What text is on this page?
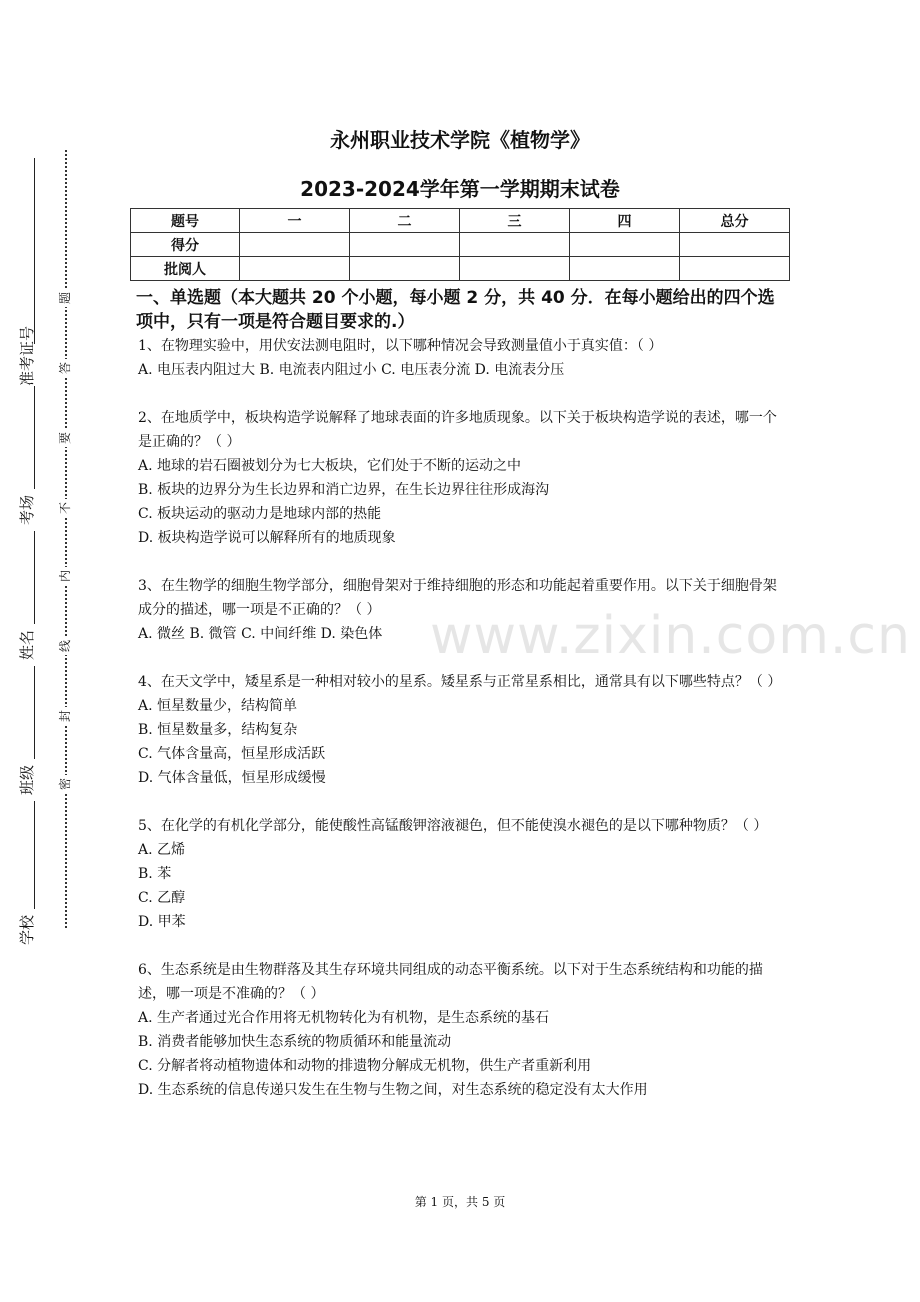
准考证号
考场
姓名
班级
学校
题
答
要
不
内
线
封
密
永州职业技术学院《植物学》
2023-2024学年第一学期期末试卷
题号	一	二	三	四	总分
得分					
批阅人					
一、单选题（本大题共 20 个小题，每小题 2 分，共 40 分．在每小题给出的四个选项中，只有一项是符合题目要求的.）

1、在物理实验中，用伏安法测电阻时，以下哪种情况会导致测量值小于真实值：（ ）

A. 电压表内阻过大 B. 电流表内阻过小 C. 电压表分流 D. 电流表分压

2、在地质学中，板块构造学说解释了地球表面的许多地质现象。以下关于板块构造学说的表述，哪一个是正确的？（ ）

A. 地球的岩石圈被划分为七大板块，它们处于不断的运动之中

B. 板块的边界分为生长边界和消亡边界，在生长边界往往形成海沟

C. 板块运动的驱动力是地球内部的热能

D. 板块构造学说可以解释所有的地质现象

3、在生物学的细胞生物学部分，细胞骨架对于维持细胞的形态和功能起着重要作用。以下关于细胞骨架成分的描述，哪一项是不正确的？（ ）

A. 微丝 B. 微管 C. 中间纤维 D. 染色体

4、在天文学中，矮星系是一种相对较小的星系。矮星系与正常星系相比，通常具有以下哪些特点？（ ）

A. 恒星数量少，结构简单

B. 恒星数量多，结构复杂

C. 气体含量高，恒星形成活跃

D. 气体含量低，恒星形成缓慢

5、在化学的有机化学部分，能使酸性高锰酸钾溶液褪色，但不能使溴水褪色的是以下哪种物质？（ ）

A. 乙烯

B. 苯

C. 乙醇

D. 甲苯

6、生态系统是由生物群落及其生存环境共同组成的动态平衡系统。以下对于生态系统结构和功能的描述，哪一项是不准确的？（ ）

A. 生产者通过光合作用将无机物转化为有机物，是生态系统的基石

B. 消费者能够加快生态系统的物质循环和能量流动

C. 分解者将动植物遗体和动物的排遗物分解成无机物，供生产者重新利用

D. 生态系统的信息传递只发生在生物与生物之间，对生态系统的稳定没有太大作用

www.zixin.com.cn
第 1 页，共 5 页
